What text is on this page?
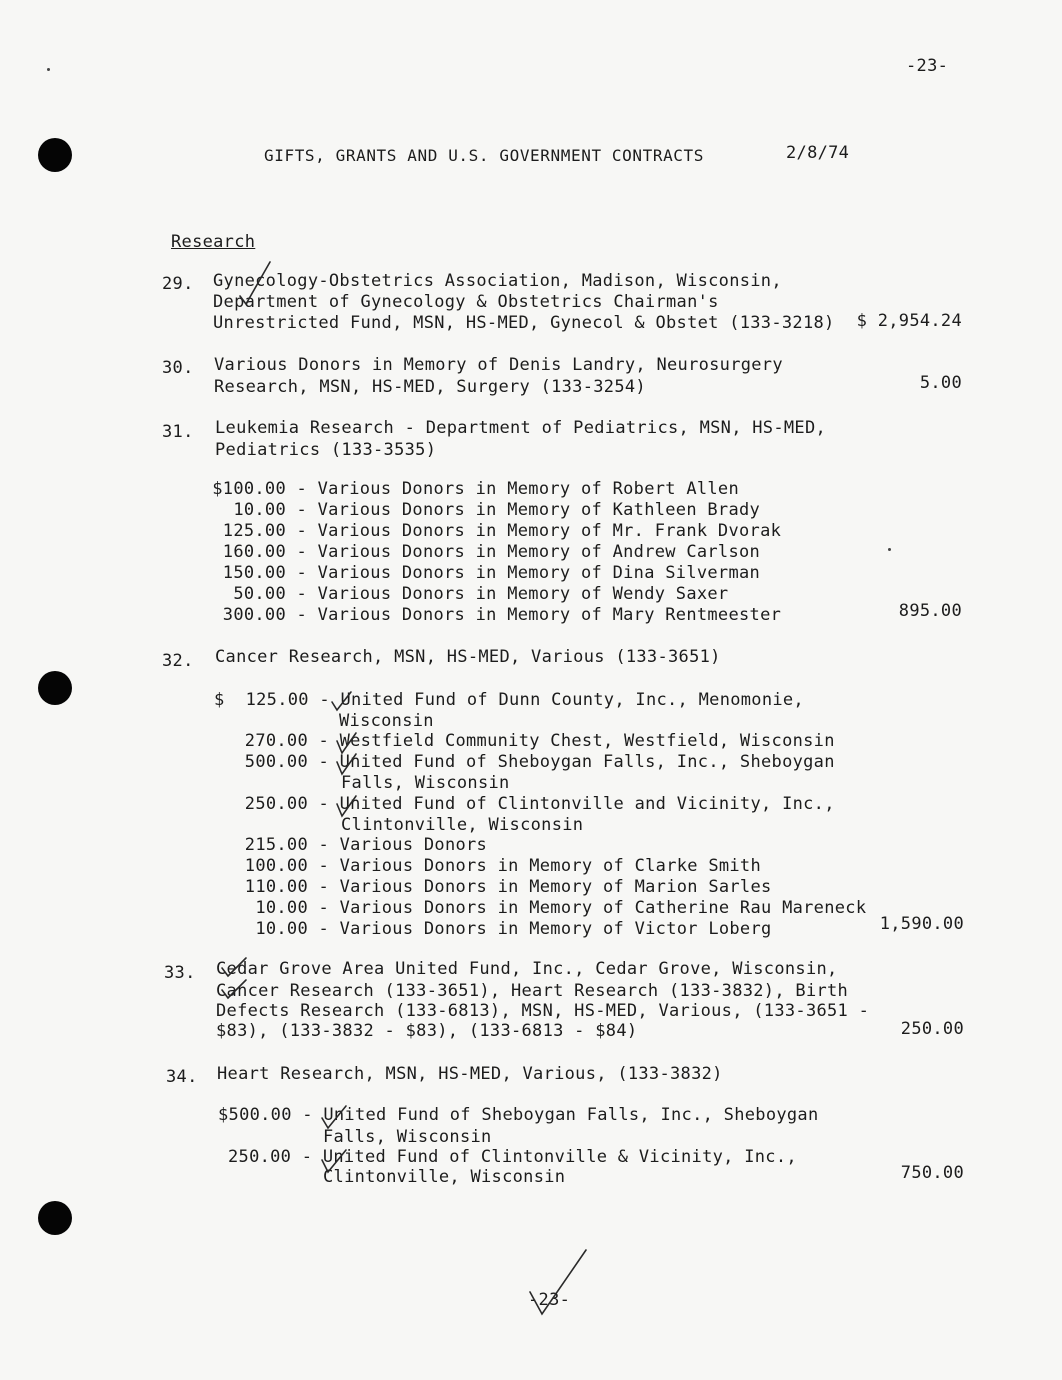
-23-
GIFTS, GRANTS AND U.S. GOVERNMENT CONTRACTS	2/8/74
Research
29.	Gynecology-Obstetrics Association, Madison, Wisconsin,
Department of Gynecology & Obstetrics Chairman's
Unrestricted Fund, MSN, HS-MED, Gynecol & Obstet (133-3218)	$ 2,954.24
30.	Various Donors in Memory of Denis Landry, Neurosurgery
Research, MSN, HS-MED, Surgery (133-3254)	5.00
31.	Leukemia Research - Department of Pediatrics, MSN, HS-MED,
Pediatrics (133-3535)
$100.00 - Various Donors in Memory of Robert Allen
10.00 - Various Donors in Memory of Kathleen Brady
125.00 - Various Donors in Memory of Mr. Frank Dvorak
160.00 - Various Donors in Memory of Andrew Carlson
150.00 - Various Donors in Memory of Dina Silverman
50.00 - Various Donors in Memory of Wendy Saxer
300.00 - Various Donors in Memory of Mary Rentmeester	895.00
32.	Cancer Research, MSN, HS-MED, Various (133-3651)
$  125.00 - United Fund of Dunn County, Inc., Menomonie,
Wisconsin
270.00 - Westfield Community Chest, Westfield, Wisconsin
500.00 - United Fund of Sheboygan Falls, Inc., Sheboygan
Falls, Wisconsin
250.00 - United Fund of Clintonville and Vicinity, Inc.,
Clintonville, Wisconsin
215.00 - Various Donors
100.00 - Various Donors in Memory of Clarke Smith
110.00 - Various Donors in Memory of Marion Sarles
10.00 - Various Donors in Memory of Catherine Rau Mareneck
10.00 - Various Donors in Memory of Victor Loberg	1,590.00
33.	Cedar Grove Area United Fund, Inc., Cedar Grove, Wisconsin,
Cancer Research (133-3651), Heart Research (133-3832), Birth
Defects Research (133-6813), MSN, HS-MED, Various, (133-3651 -
$83), (133-3832 - $83), (133-6813 - $84)	250.00
34.	Heart Research, MSN, HS-MED, Various, (133-3832)
$500.00 - United Fund of Sheboygan Falls, Inc., Sheboygan
Falls, Wisconsin
250.00 - United Fund of Clintonville & Vicinity, Inc.,
Clintonville, Wisconsin	750.00
-23-
